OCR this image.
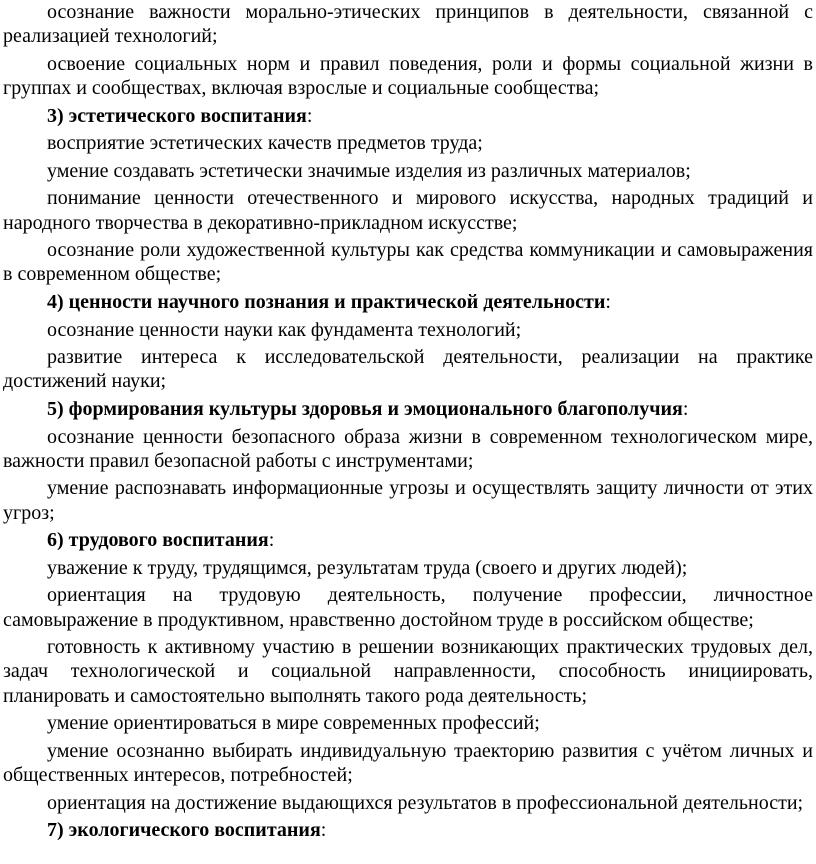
осознание важности морально-этических принципов в деятельности, связанной с реализацией технологий;

освоение социальных норм и правил поведения, роли и формы социальной жизни в группах и сообществах, включая взрослые и социальные сообщества;

3) эстетического воспитания:

восприятие эстетических качеств предметов труда;

умение создавать эстетически значимые изделия из различных материалов;

понимание ценности отечественного и мирового искусства, народных традиций и народного творчества в декоративно-прикладном искусстве;

осознание роли художественной культуры как средства коммуникации и самовыражения в современном обществе;

4) ценности научного познания и практической деятельности:

осознание ценности науки как фундамента технологий;

развитие интереса к исследовательской деятельности, реализации на практике достижений науки;

5) формирования культуры здоровья и эмоционального благополучия:

осознание ценности безопасного образа жизни в современном технологическом мире, важности правил безопасной работы с инструментами;

умение распознавать информационные угрозы и осуществлять защиту личности от этих угроз;

6) трудового воспитания:

уважение к труду, трудящимся, результатам труда (своего и других людей);

ориентация на трудовую деятельность, получение профессии, личностное самовыражение в продуктивном, нравственно достойном труде в российском обществе;

готовность к активному участию в решении возникающих практических трудовых дел, задач технологической и социальной направленности, способность инициировать, планировать и самостоятельно выполнять такого рода деятельность;

умение ориентироваться в мире современных профессий;

умение осознанно выбирать индивидуальную траекторию развития с учётом личных и общественных интересов, потребностей;

ориентация на достижение выдающихся результатов в профессиональной деятельности;

7) экологического воспитания:
